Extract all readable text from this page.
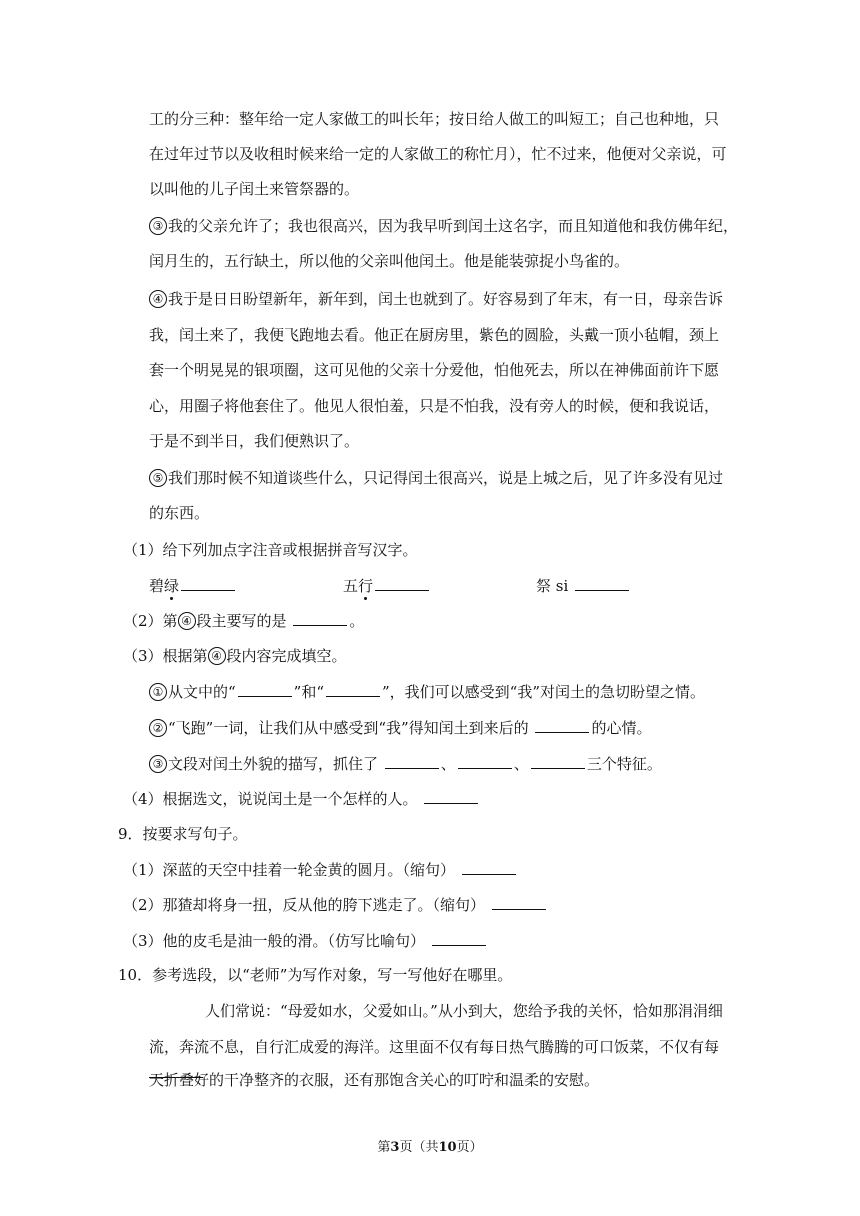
工的分三种：整年给一定人家做工的叫长年；按日给人做工的叫短工；自己也种地，只
在过年过节以及收租时候来给一定的人家做工的称忙月），忙不过来，他便对父亲说，可
以叫他的儿子闰土来管祭器的。
③ 我的父亲允许了；我也很高兴，因为我早听到闰土这名字，而且知道他和我仿佛年纪，
闰月生的，五行缺土，所以他的父亲叫他闰土。他是能装弶捉小鸟雀的。
④ 我于是日日盼望新年，新年到，闰土也就到了。好容易到了年末，有一日，母亲告诉
我，闰土来了，我便飞跑地去看。他正在厨房里，紫色的圆脸，头戴一顶小毡帽，颈上
套一个明晃晃的银项圈，这可见他的父亲十分爱他，怕他死去，所以在神佛面前许下愿
心，用圈子将他套住了。他见人很怕羞，只是不怕我，没有旁人的时候，便和我说话，
于是不到半日，我们便熟识了。
⑤ 我们那时候不知道谈些什么，只记得闰土很高兴，说是上城之后，见了许多没有见过
的东西。
（1）给下列加点字注音或根据拼音写汉字。
碧绿	五行	祭 si
（2）第 ④ 段主要写的是	。
（3）根据第 ④ 段内容完成填空。
① 从文中的“	”和“	”，我们可以感受到“我”对闰土的急切盼望之情。
② “飞跑”一词，让我们从中感受到“我”得知闰土到来后的	的心情。
③ 文段对闰土外貌的描写，抓住了	、	、	三个特征。
（4）根据选文，说说闰土是一个怎样的人。
9．按要求写句子。
（1）深蓝的天空中挂着一轮金黄的圆月。（缩句）
（2）那猹却将身一扭，反从他的胯下逃走了。（缩句）
（3）他的皮毛是油一般的滑。（仿写比喻句）
10．参考选段，以“老师”为写作对象，写一写他好在哪里。
人们常说：“母爱如水，父爱如山。”从小到大，您给予我的关怀，恰如那涓涓细
流，奔流不息，自行汇成爱的海洋。这里面不仅有每日热气腾腾的可口饭菜，不仅有每
天折叠好的干净整齐的衣服，还有那饱含关心的叮咛和温柔的安慰。
第3页（共10页）
